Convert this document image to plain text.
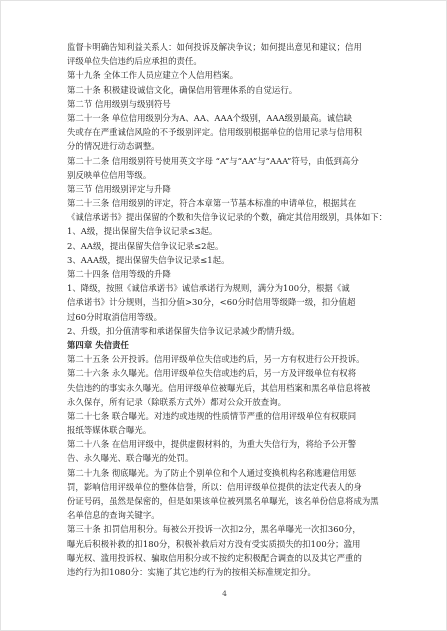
监督卡明确告知利益关系人：如何投诉及解决争议；如何提出意见和建议；信用
评级单位失信违约后应承担的责任。
第十九条 全体工作人员应建立个人信用档案。
第二十条 积极建设诚信文化，确保信用管理体系的自觉运行。
第二节 信用级别与级别符号
第二十一条 单位信用级别分为A、AA、AAA个级别，AAA级别最高。诚信缺
失或存在严重诚信风险的不予级别评定。信用级别根据单位的信用记录与信用积
分的情况进行动态调整。
第二十二条 信用级别符号使用英文字母 “A”与“AA”与“AAA”符号，由低到高分
别反映单位信用等级。
第三节 信用级别评定与升降
第二十三条 信用级别的评定，符合本章第一节基本标准的申请单位，根据其在
《诚信承诺书》提出保留的个数和失信争议记录的个数，确定其信用级别，具体如下：
1、A级，提出保留失信争议记录≤3起。
2、AA级，提出保留失信争议记录≤2起。
3、AAA级，提出保留失信争议记录≤1起。
第二十四条 信用等级的升降
1、降级，按照《诚信承诺书》诚信承诺行为规则，满分为100分，根据《诚
信承诺书》计分规则，当扣分值>30分，<60分时信用等级降一级，扣分值超
过60分时取消信用等级。
2、升级，扣分值清零和承诺保留失信争议记录减少酌情升级。
第四章 失信责任
第二十五条 公开投诉。信用评级单位失信或违约后，另一方有权进行公开投诉。
第二十六条 永久曝光。信用评级单位失信或违约后，另一方及评级单位有权将
失信违约的事实永久曝光。信用评级单位被曝光后，其信用档案和黑名单信息将被
永久保存，所有记录（除联系方式外）都对公众开放查询。
第二十七条 联合曝光。对违约或违规的性质情节严重的信用评级单位有权联同
报纸等媒体联合曝光。
第二十八条 在信用评级中，提供虚假材料的，为重大失信行为，将给予公开警
告、永久曝光、联合曝光的处罚。
第二十九条 彻底曝光。为了防止个别单位和个人通过变换机构名称逃避信用惩
罚，影响信用评级单位的整体信誉，所以：信用评级单位提供的法定代表人的身
份证号码，虽然是保密的，但是如果该单位被列黑名单曝光，该名单份信息将成为黑
名单信息的查询关键字。
第三十条 扣罚信用积分。每被公开投诉一次扣2分，黑名单曝光一次扣360分，
曝光后积极补救的扣180分，积极补救后对方没有受实质损失的扣100分；滥用
曝光权、滥用投诉权、骗取信用积分或不按约定积极配合调查的以及其它严重的
违约行为扣1080分：实施了其它违约行为的按相关标准规定扣分。
4
